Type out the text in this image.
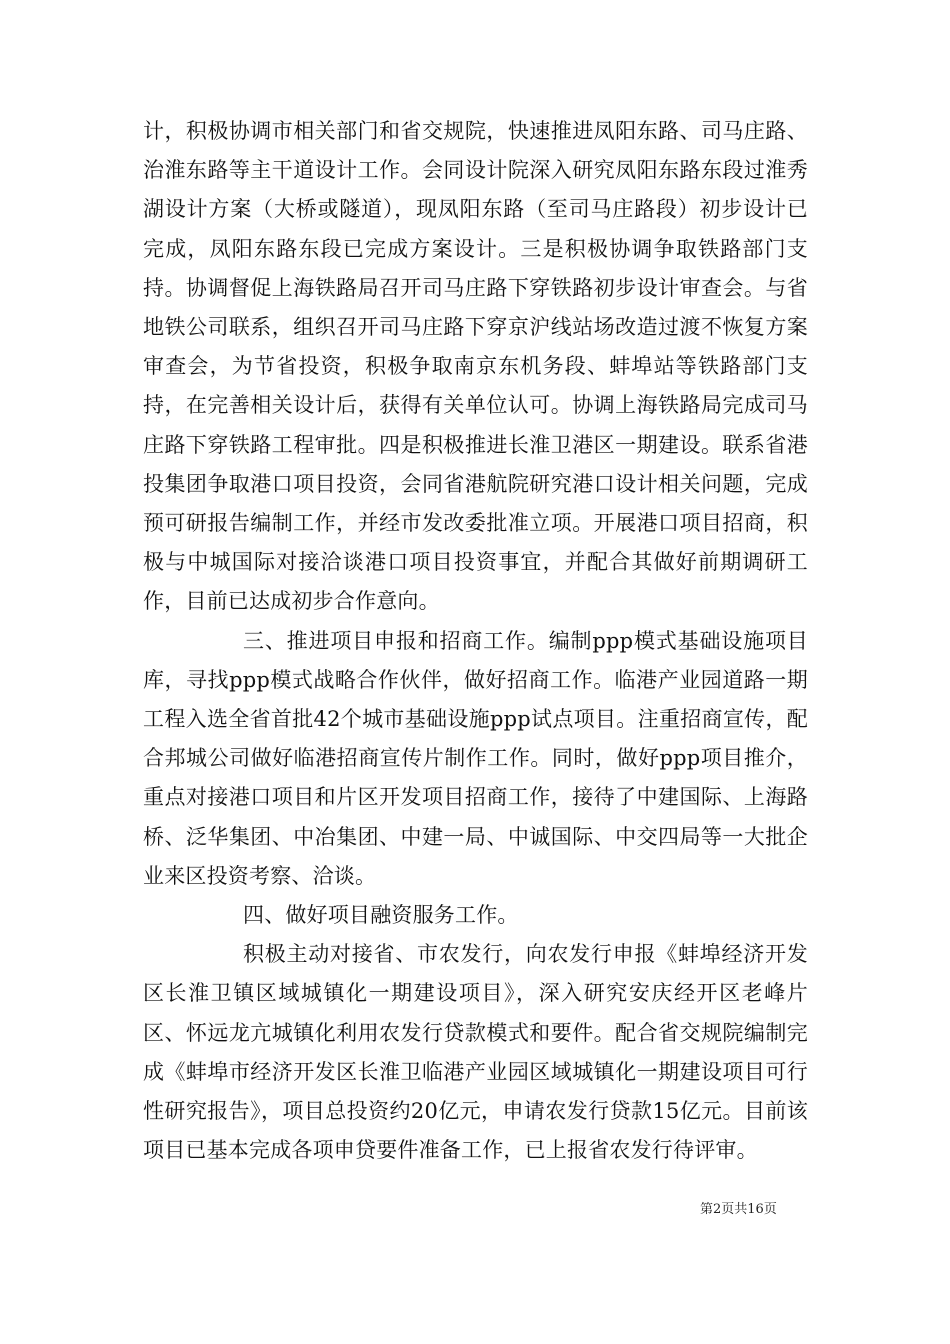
计，积极协调市相关部门和省交规院，快速推进凤阳东路、司马庄路、治淮东路等主干道设计工作。会同设计院深入研究凤阳东路东段过淮秀湖设计方案（大桥或隧道），现凤阳东路（至司马庄路段）初步设计已完成，凤阳东路东段已完成方案设计。三是积极协调争取铁路部门支持。协调督促上海铁路局召开司马庄路下穿铁路初步设计审查会。与省地铁公司联系，组织召开司马庄路下穿京沪线站场改造过渡不恢复方案审查会，为节省投资，积极争取南京东机务段、蚌埠站等铁路部门支持，在完善相关设计后，获得有关单位认可。协调上海铁路局完成司马庄路下穿铁路工程审批。四是积极推进长淮卫港区一期建设。联系省港投集团争取港口项目投资，会同省港航院研究港口设计相关问题，完成预可研报告编制工作，并经市发改委批准立项。开展港口项目招商，积极与中城国际对接洽谈港口项目投资事宜，并配合其做好前期调研工作，目前已达成初步合作意向。

三、推进项目申报和招商工作。编制ppp模式基础设施项目库，寻找ppp模式战略合作伙伴，做好招商工作。临港产业园道路一期工程入选全省首批42个城市基础设施ppp试点项目。注重招商宣传，配合邦城公司做好临港招商宣传片制作工作。同时，做好ppp项目推介，重点对接港口项目和片区开发项目招商工作，接待了中建国际、上海路桥、泛华集团、中冶集团、中建一局、中诚国际、中交四局等一大批企业来区投资考察、洽谈。

四、做好项目融资服务工作。

积极主动对接省、市农发行，向农发行申报《蚌埠经济开发区长淮卫镇区域城镇化一期建设项目》，深入研究安庆经开区老峰片区、怀远龙亢城镇化利用农发行贷款模式和要件。配合省交规院编制完成《蚌埠市经济开发区长淮卫临港产业园区域城镇化一期建设项目可行性研究报告》，项目总投资约20亿元，申请农发行贷款15亿元。目前该项目已基本完成各项申贷要件准备工作，已上报省农发行待评审。

第2页共16页
